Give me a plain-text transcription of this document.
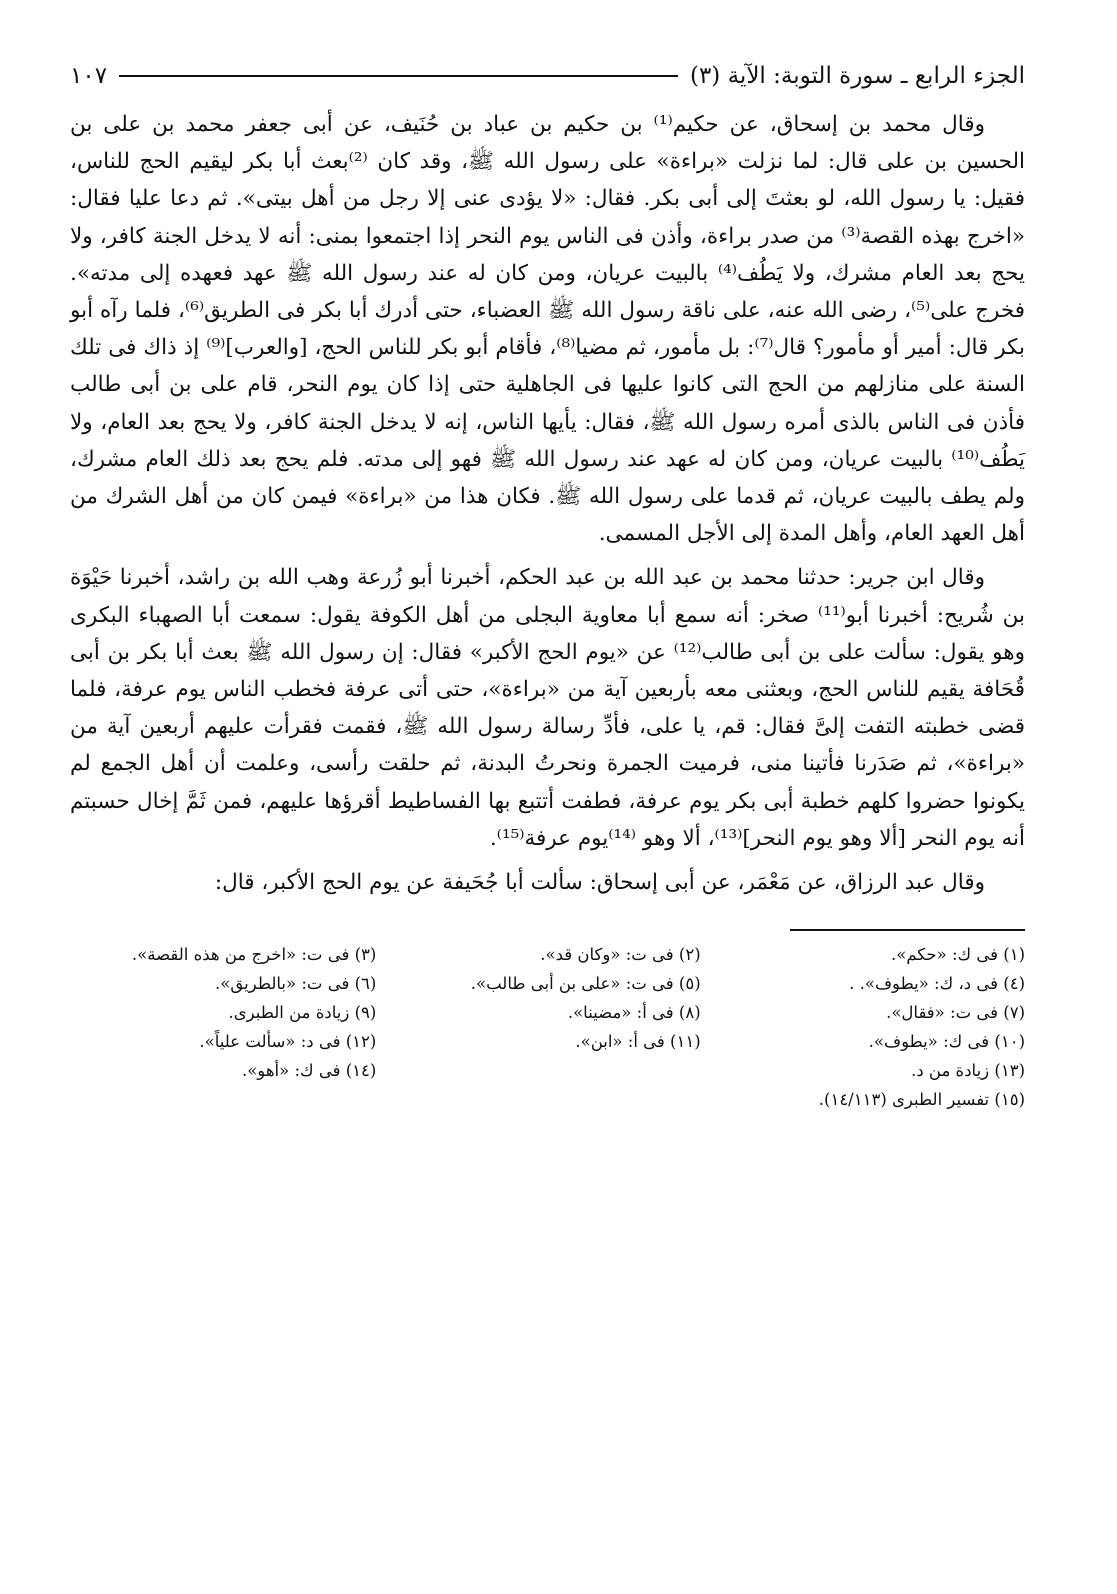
الجزء الرابع ـ سورة التوبة: الآية (٣)
١٠٧

وقال محمد بن إسحاق، عن حكيم⁽¹⁾ بن حكيم بن عباد بن حُنَيف، عن أبى جعفر محمد بن على بن الحسين بن على قال: لما نزلت «براءة» على رسول الله ﷺ، وقد كان ⁽²⁾بعث أبا بكر ليقيم الحج للناس، فقيل: يا رسول الله، لو بعثتَ إلى أبى بكر. فقال: «لا يؤدى عنى إلا رجل من أهل بيتى». ثم دعا عليا فقال: «اخرج بهذه القصة⁽³⁾ من صدر براءة، وأذن فى الناس يوم النحر إذا اجتمعوا بمنى: أنه لا يدخل الجنة كافر، ولا يحج بعد العام مشرك، ولا يَطُف⁽⁴⁾ بالبيت عريان، ومن كان له عند رسول الله ﷺ عهد فعهده إلى مدته». فخرج على⁽⁵⁾، رضى الله عنه، على ناقة رسول الله ﷺ العضباء، حتى أدرك أبا بكر فى الطريق⁽⁶⁾، فلما رآه أبو بكر قال: أمير أو مأمور؟ قال⁽⁷⁾: بل مأمور، ثم مضيا⁽⁸⁾، فأقام أبو بكر للناس الحج، [والعرب]⁽⁹⁾ إذ ذاك فى تلك السنة على منازلهم من الحج التى كانوا عليها فى الجاهلية حتى إذا كان يوم النحر، قام على بن أبى طالب فأذن فى الناس بالذى أمره رسول الله ﷺ، فقال: يأيها الناس، إنه لا يدخل الجنة كافر، ولا يحج بعد العام، ولا يَطُف⁽¹⁰⁾ بالبيت عريان، ومن كان له عهد عند رسول الله ﷺ فهو إلى مدته. فلم يحج بعد ذلك العام مشرك، ولم يطف بالبيت عريان، ثم قدما على رسول الله ﷺ. فكان هذا من «براءة» فيمن كان من أهل الشرك من أهل العهد العام، وأهل المدة إلى الأجل المسمى.

وقال ابن جرير: حدثنا محمد بن عبد الله بن عبد الحكم، أخبرنا أبو زُرعة وهب الله بن راشد، أخبرنا حَيْوَة بن شُريح: أخبرنا أبو⁽¹¹⁾ صخر: أنه سمع أبا معاوية البجلى من أهل الكوفة يقول: سمعت أبا الصهباء البكرى وهو يقول: سألت على بن أبى طالب⁽¹²⁾ عن «يوم الحج الأكبر» فقال: إن رسول الله ﷺ بعث أبا بكر بن أبى قُحَافة يقيم للناس الحج، وبعثنى معه بأربعين آية من «براءة»، حتى أتى عرفة فخطب الناس يوم عرفة، فلما قضى خطبته التفت إلىَّ فقال: قم، يا على، فأدِّ رسالة رسول الله ﷺ، فقمت فقرأت عليهم أربعين آية من «براءة»، ثم صَدَرنا فأتينا منى، فرميت الجمرة ونحرتُ البدنة، ثم حلقت رأسى، وعلمت أن أهل الجمع لم يكونوا حضروا كلهم خطبة أبى بكر يوم عرفة، فطفت أتتبع بها الفساطيط أقرؤها عليهم، فمن ثَمَّ إخال حسبتم أنه يوم النحر [ألا وهو يوم النحر]⁽¹³⁾، ألا وهو ⁽¹⁴⁾يوم عرفة⁽¹⁵⁾.

وقال عبد الرزاق، عن مَعْمَر، عن أبى إسحاق: سألت أبا جُحَيفة عن يوم الحج الأكبر، قال:

(١) فى ك: «حكم».
(٢) فى ت: «وكان قد».
(٣) فى ت: «اخرج من هذه القصة».
(٤) فى د، ك: «يطوف». .
(٥) فى ت: «على بن أبى طالب».
(٦) فى ت: «بالطريق».
(٧) فى ت: «فقال».
(٨) فى أ: «مضينا».
(٩) زيادة من الطبرى.
(١٠) فى ك: «يطوف».
(١١) فى أ: «ابن».
(١٢) فى د: «سألت علياً».
(١٣) زيادة من د.
(١٤) فى ك: «أهو».
(١٥) تفسير الطبرى (١٤/١١٣).
